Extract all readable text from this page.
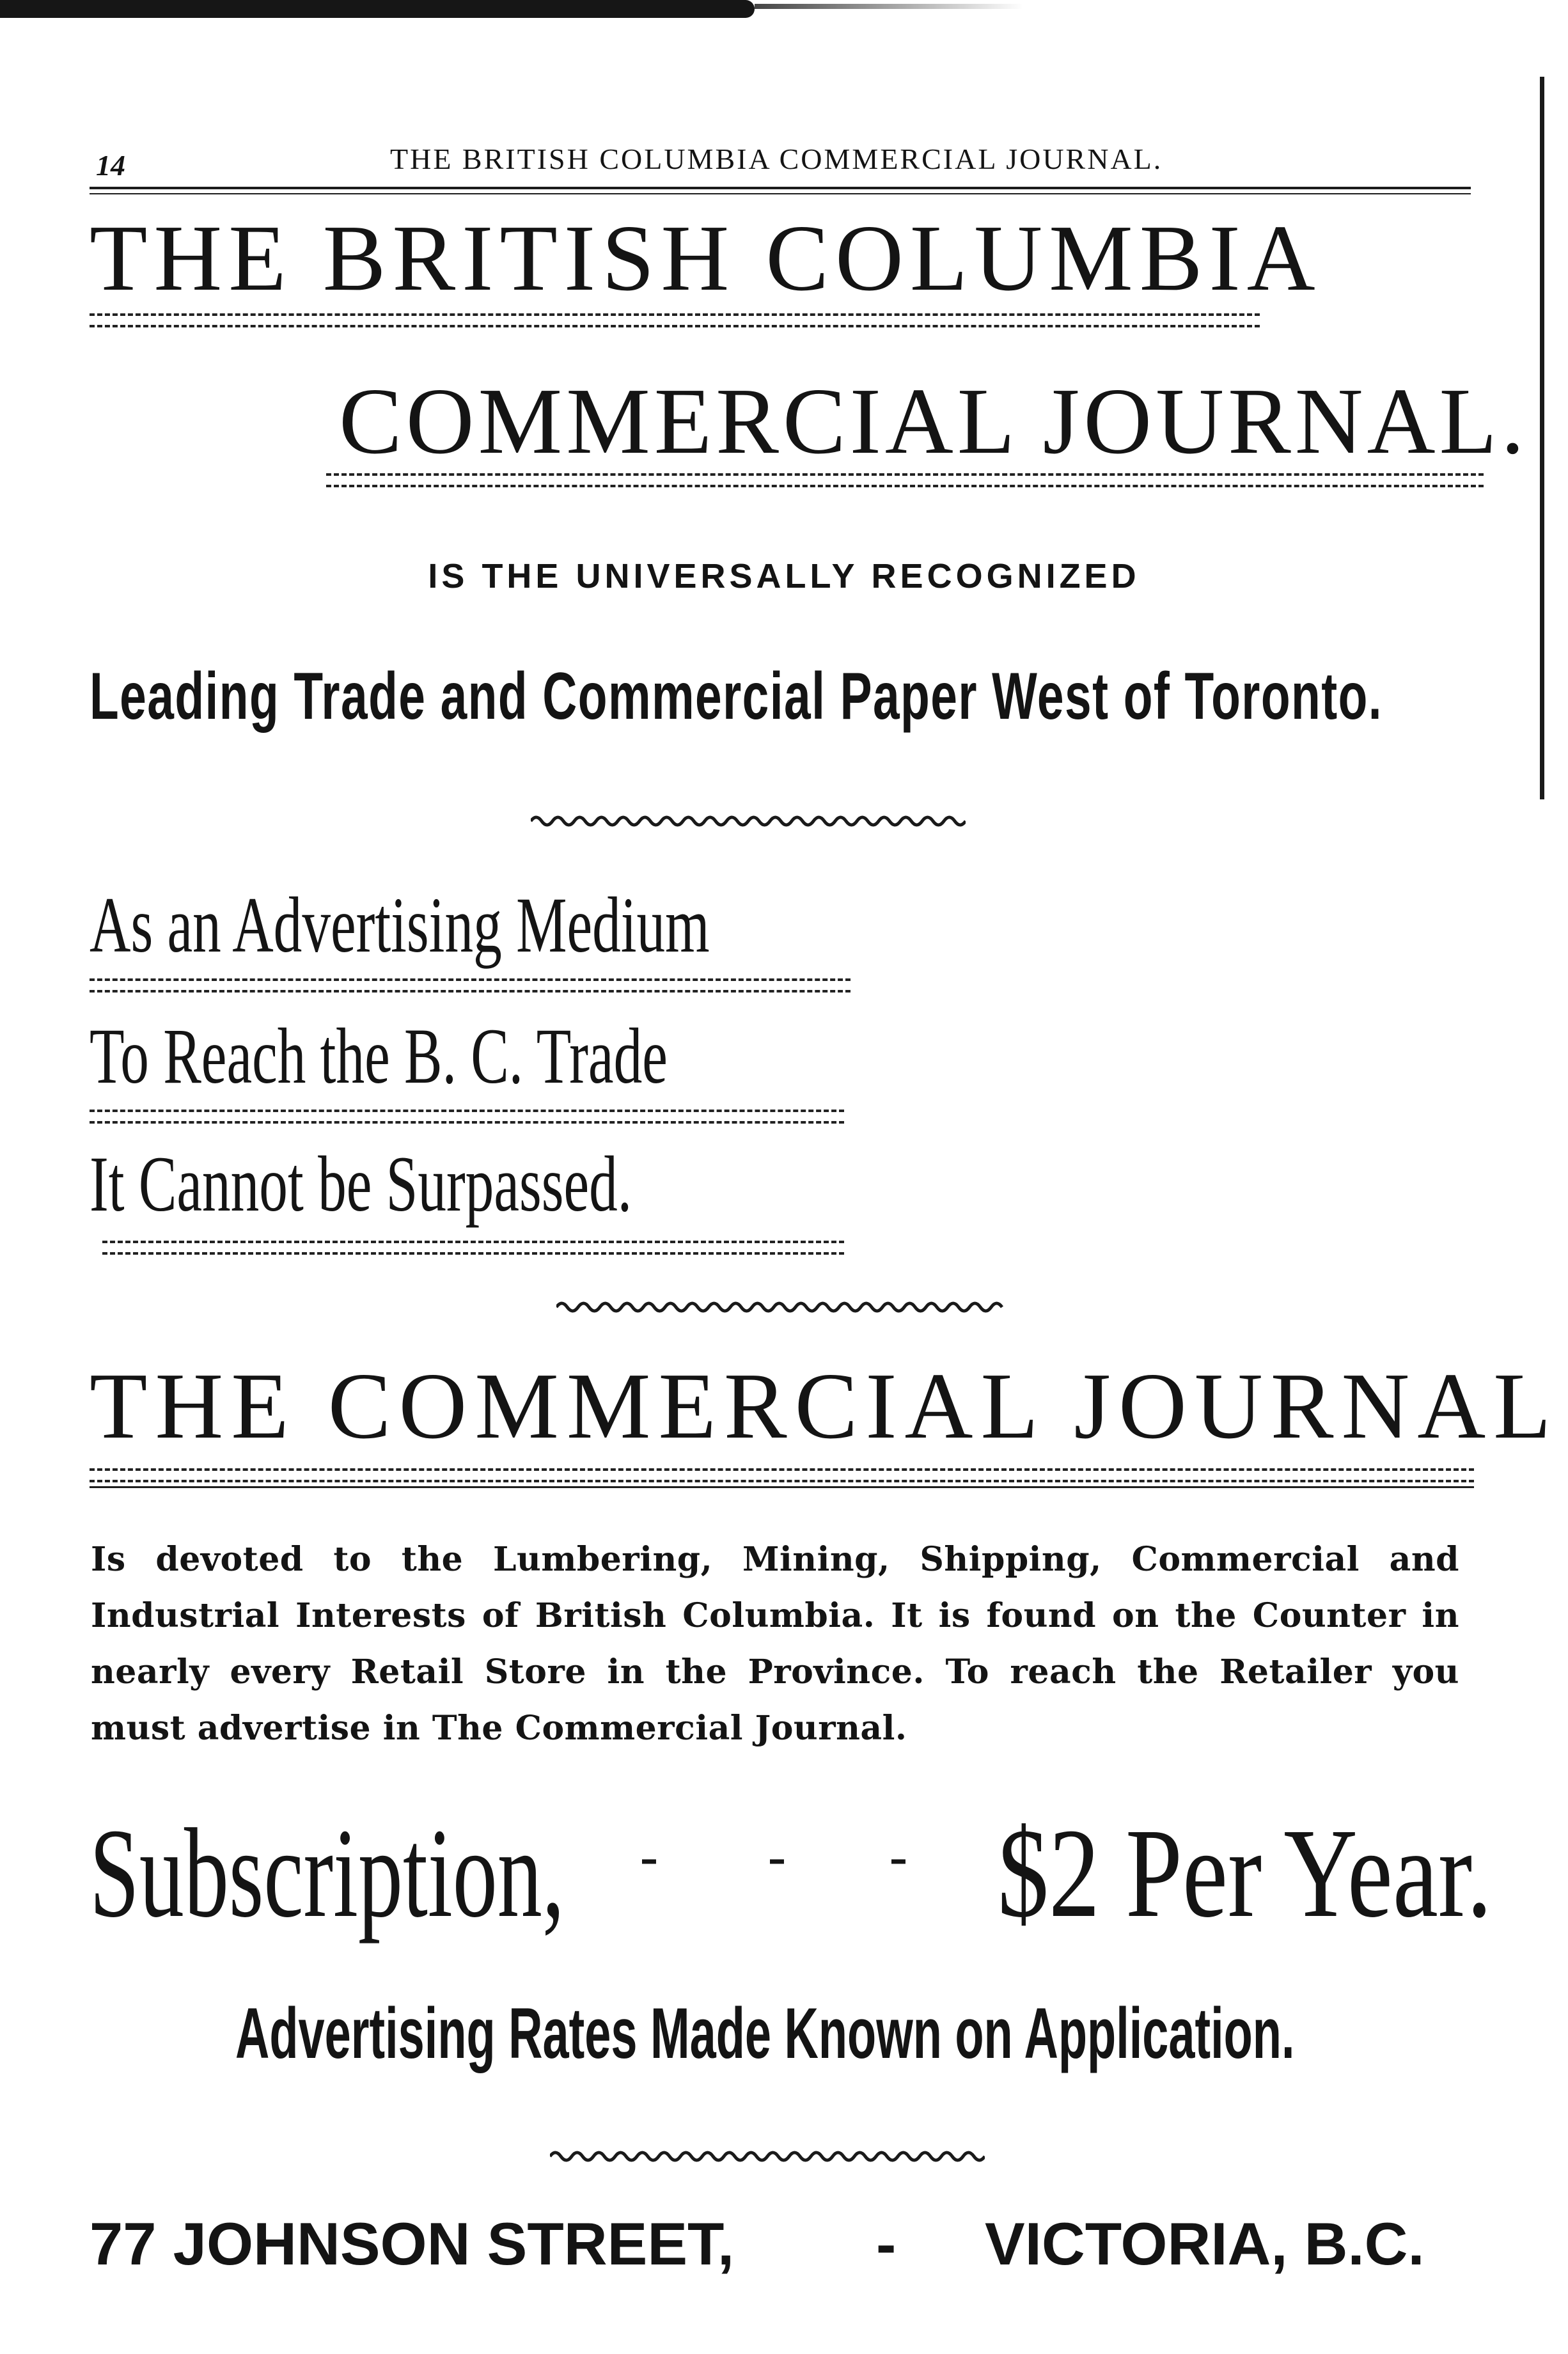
14	THE BRITISH COLUMBIA COMMERCIAL JOURNAL.
THE BRITISH COLUMBIA
COMMERCIAL JOURNAL.
IS THE UNIVERSALLY RECOGNIZED
Leading Trade and Commercial Paper West of Toronto.
As an Advertising Medium
To Reach the B. C. Trade
It Cannot be Surpassed.
THE COMMERCIAL JOURNAL
Is devoted to the Lumbering, Mining, Shipping, Commercial and Industrial Interests of British Columbia. It is found on the Counter in nearly every Retail Store in the Province. To reach the Retailer you must advertise in The Commercial Journal.
Subscription, - - - $2 Per Year.
Advertising Rates Made Known on Application.
77 JOHNSON STREET, - VICTORIA, B.C.
